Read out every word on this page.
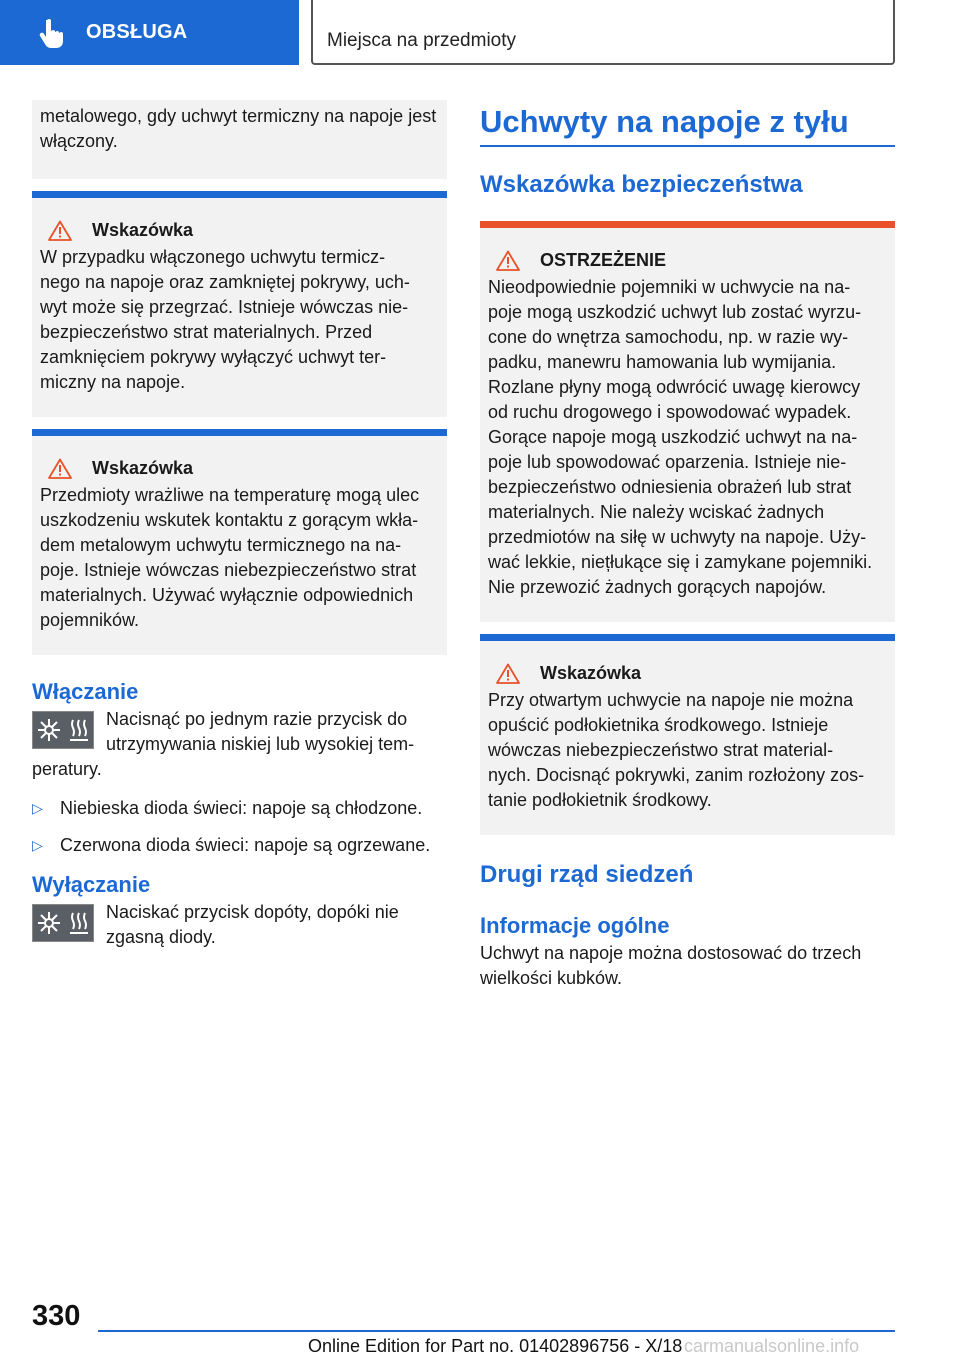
OBSŁUGA	Miejsca na przedmioty
metalowego, gdy uchwyt termiczny na napoje jest włączony.
Wskazówka
W przypadku włączonego uchwytu termicz-
nego na napoje oraz zamkniętej pokrywy, uch-
wyt może się przegrzać. Istnieje wówczas nie-
bezpieczeństwo strat materialnych. Przed
zamknięciem pokrywy wyłączyć uchwyt ter-
miczny na napoje.
Wskazówka
Przedmioty wrażliwe na temperaturę mogą ulec
uszkodzeniu wskutek kontaktu z gorącym wkła-
dem metalowym uchwytu termicznego na na-
poje. Istnieje wówczas niebezpieczeństwo strat
materialnych. Używać wyłącznie odpowiednich
pojemników.
Włączanie
Nacisnąć po jednym razie przycisk do utrzymywania niskiej lub wysokiej tem-peratury.
▷ Niebieska dioda świeci: napoje są chłodzone.
▷ Czerwona dioda świeci: napoje są ogrzewane.
Wyłączanie
Naciskać przycisk dopóty, dopóki nie zgasną diody.
Uchwyty na napoje z tyłu
Wskazówka bezpieczeństwa
OSTRZEŻENIE
Nieodpowiednie pojemniki w uchwycie na na-
poje mogą uszkodzić uchwyt lub zostać wyrzu-
cone do wnętrza samochodu, np. w razie wy-
padku, manewru hamowania lub wymijania.
Rozlane płyny mogą odwrócić uwagę kierowcy
od ruchu drogowego i spowodować wypadek.
Gorące napoje mogą uszkodzić uchwyt na na-
poje lub spowodować oparzenia. Istnieje nie-
bezpieczeństwo odniesienia obrażeń lub strat
materialnych. Nie należy wciskać żadnych
przedmiotów na siłę w uchwyty na napoje. Uży-
wać lekkie, niețłukące się i zamykane pojemniki.
Nie przewozić żadnych gorących napojów.
Wskazówka
Przy otwartym uchwycie na napoje nie można
opuścić podłokietnika środkowego. Istnieje
wówczas niebezpieczeństwo strat material-
nych. Docisnąć pokrywki, zanim rozłożony zos-
tanie podłokietnik środkowy.
Drugi rząd siedzeń
Informacje ogólne
Uchwyt na napoje można dostosować do trzech wielkości kubków.
330
Online Edition for Part no. 01402896756 - X/18 carmanualsonline.info
